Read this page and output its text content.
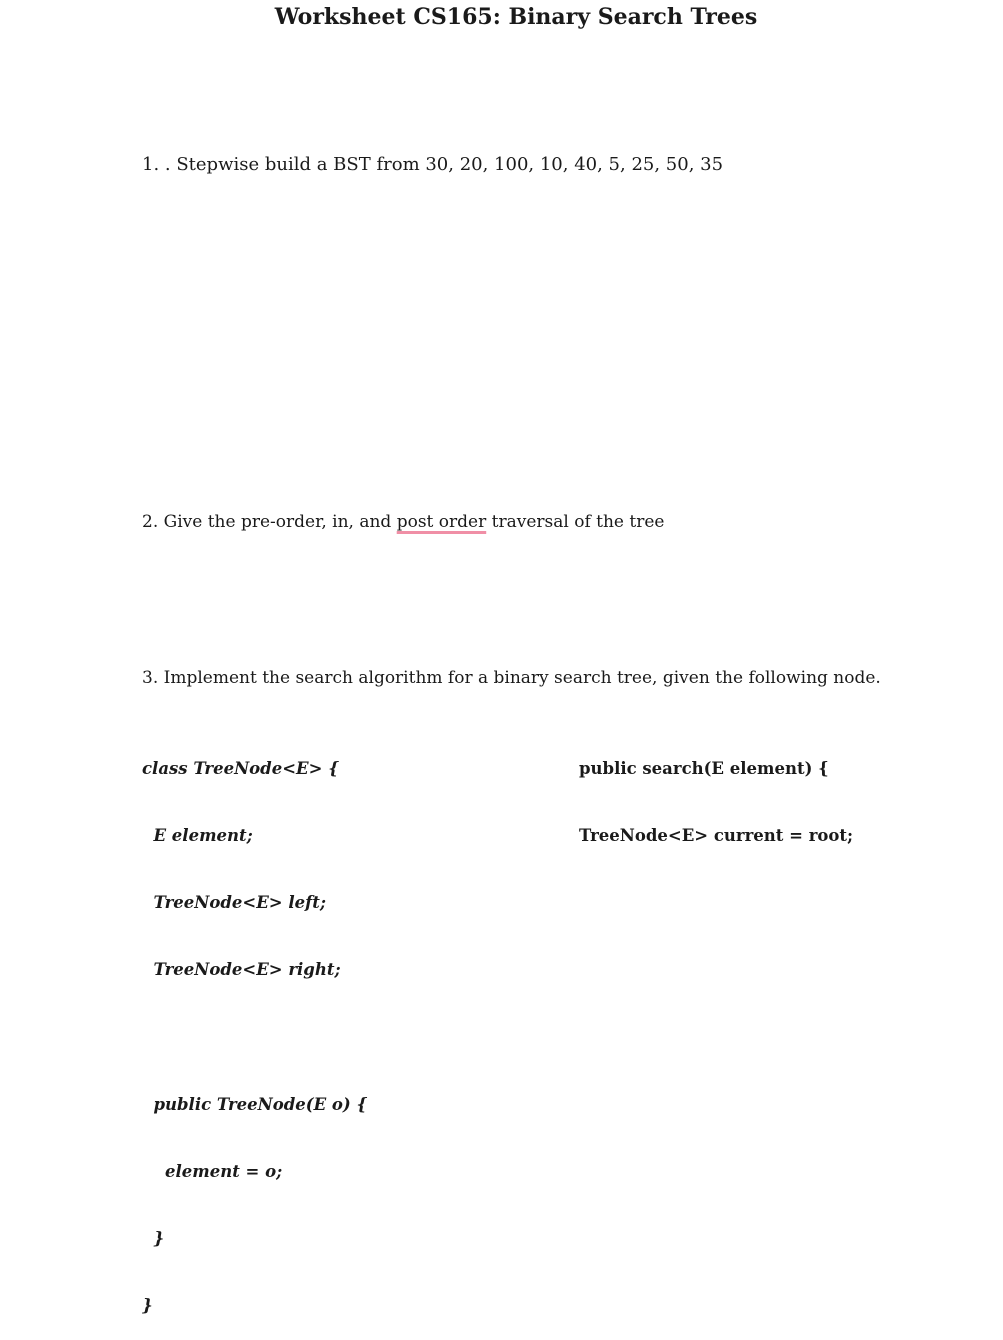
Worksheet CS165: Binary Search Trees
1. . Stepwise build a BST from 30, 20, 100, 10, 40, 5, 25, 50, 35
2. Give the pre-order, in, and post order traversal of the tree
3. Implement the search algorithm for a binary search tree, given the following node.

class TreeNode<E> {

E element;

TreeNode<E> left;

TreeNode<E> right;

public TreeNode(E o) {

element = o;

}

}

public search(E element) {

TreeNode<E> current = root;
